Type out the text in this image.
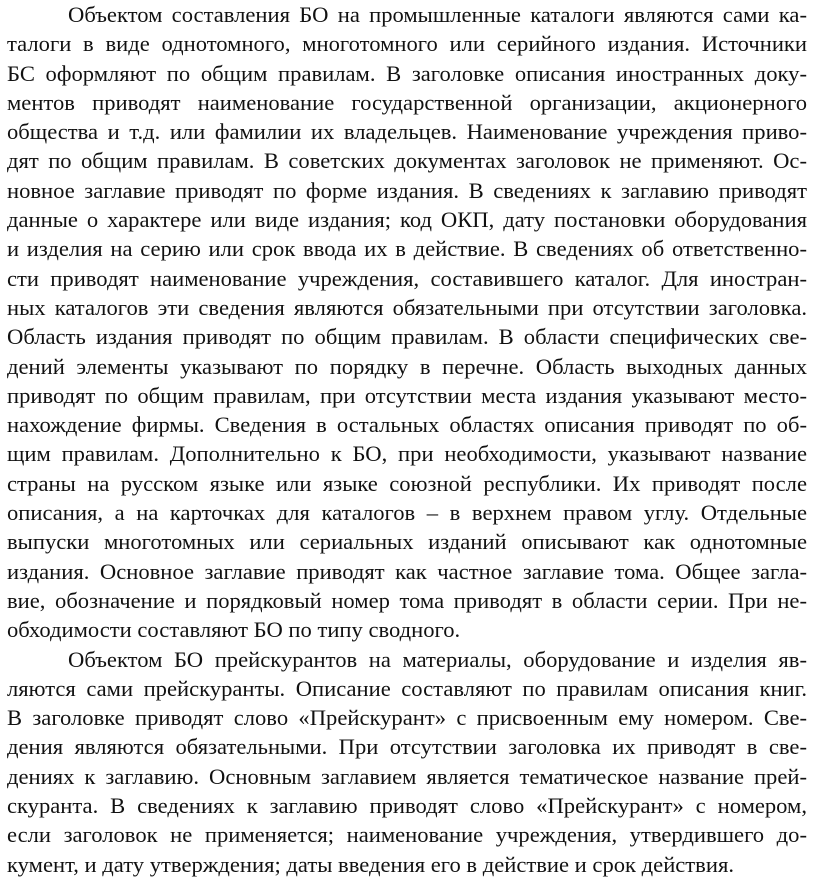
Объектом составления БО на промышленные каталоги являются сами ка-
талоги в виде однотомного, многотомного или серийного издания. Источники
БС оформляют по общим правилам. В заголовке описания иностранных доку-
ментов приводят наименование государственной организации, акционерного
общества и т.д. или фамилии их владельцев. Наименование учреждения приво-
дят по общим правилам. В советских документах заголовок не применяют. Ос-
новное заглавие приводят по форме издания. В сведениях к заглавию приводят
данные о характере или виде издания; код ОКП, дату постановки оборудования
и изделия на серию или срок ввода их в действие. В сведениях об ответственно-
сти приводят наименование учреждения, составившего каталог. Для иностран-
ных каталогов эти сведения являются обязательными при отсутствии заголовка.
Область издания приводят по общим правилам. В области специфических све-
дений элементы указывают по порядку в перечне. Область выходных данных
приводят по общим правилам, при отсутствии места издания указывают место-
нахождение фирмы. Сведения в остальных областях описания приводят по об-
щим правилам. Дополнительно к БО, при необходимости, указывают название
страны на русском языке или языке союзной республики. Их приводят после
описания, а на карточках для каталогов – в верхнем правом углу. Отдельные
выпуски многотомных или сериальных изданий описывают как однотомные
издания. Основное заглавие приводят как частное заглавие тома. Общее загла-
вие, обозначение и порядковый номер тома приводят в области серии. При не-
обходимости составляют БО по типу сводного.
Объектом БО прейскурантов на материалы, оборудование и изделия яв-
ляются сами прейскуранты. Описание составляют по правилам описания книг.
В заголовке приводят слово «Прейскурант» с присвоенным ему номером. Све-
дения являются обязательными. При отсутствии заголовка их приводят в све-
дениях к заглавию. Основным заглавием является тематическое название прей-
скуранта. В сведениях к заглавию приводят слово «Прейскурант» с номером,
если заголовок не применяется; наименование учреждения, утвердившего до-
кумент, и дату утверждения; даты введения его в действие и срок действия.
